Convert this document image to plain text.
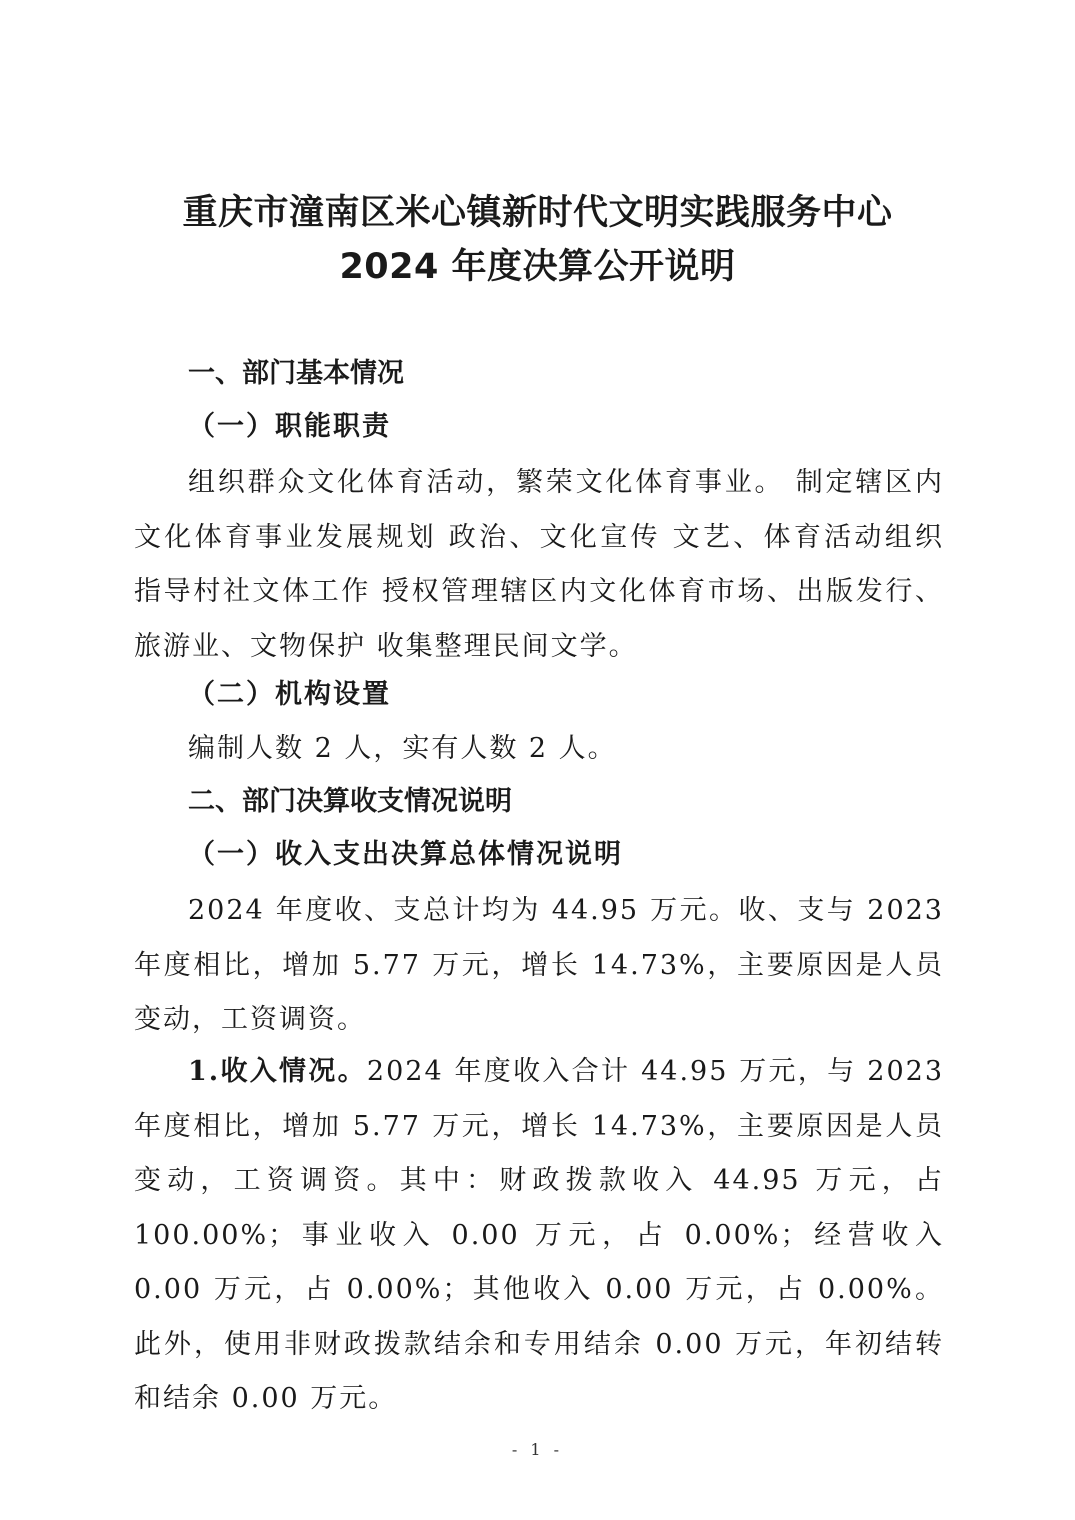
重庆市潼南区米心镇新时代文明实践服务中心
2024 年度决算公开说明
一、部门基本情况
（一）职能职责

组织群众文化体育活动，繁荣文化体育事业。 制定辖区内文化体育事业发展规划 政治、文化宣传 文艺、体育活动组织 指导村社文体工作 授权管理辖区内文化体育市场、出版发行、旅游业、文物保护 收集整理民间文学。

（二）机构设置

编制人数 2 人，实有人数 2 人。

二、部门决算收支情况说明
（一）收入支出决算总体情况说明

2024 年度收、支总计均为 44.95 万元。收、支与 2023 年度相比，增加 5.77 万元，增长 14.73%，主要原因是人员变动，工资调资。

1.收入情况。2024 年度收入合计 44.95 万元，与 2023 年度相比，增加 5.77 万元，增长 14.73%，主要原因是人员变动，工资调资。其中：财政拨款收入 44.95 万元，占 100.00%；事业收入 0.00 万元，占 0.00%；经营收入 0.00 万元，占 0.00%；其他收入 0.00 万元，占 0.00%。此外，使用非财政拨款结余和专用结余 0.00 万元，年初结转和结余 0.00 万元。

- 1 -
